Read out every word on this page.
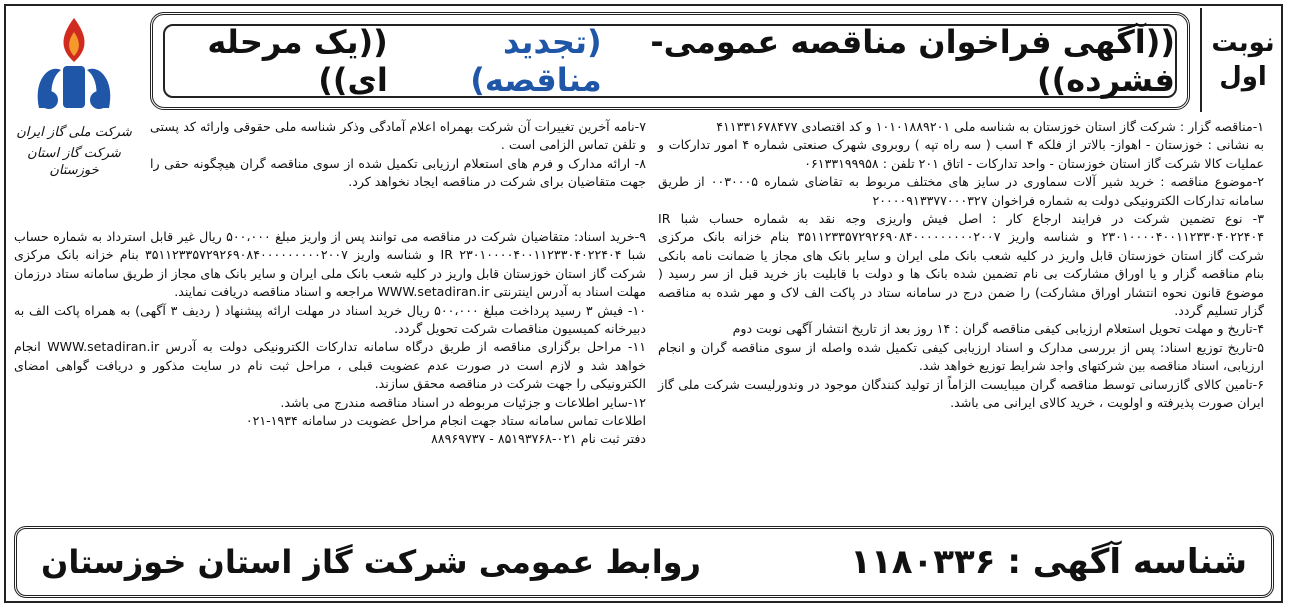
نوبت
اول
((آگهی فراخوان مناقصه عمومی-فشرده))
(تجدید مناقصه)
((یک مرحله ای))
شرکت ملی گاز ایران
شرکت گاز استان خوزستان

۱-مناقصه گزار : شرکت گاز استان خوزستان به شناسه ملی ۱۰۱۰۱۸۸۹۲۰۱ و کد اقتصادی ۴۱۱۳۳۱۶۷۸۴۷۷

به نشانی : خوزستان - اهواز- بالاتر از فلکه ۴ اسب ( سه راه تپه ) روبروی شهرک صنعتی شماره ۴ امور تدارکات و عملیات کالا شرکت گاز استان خوزستان - واحد تدارکات - اتاق ۲۰۱ تلفن : ۰۶۱۳۳۱۹۹۹۵۸

۲-موضوع مناقصه : خرید شیر آلات سماوری در سایز های مختلف مربوط به تقاضای شماره ۰۰۳۰۰۰۵ از طریق سامانه تدارکات الکترونیکی دولت به شماره فراخوان ۲۰۰۰۰۹۱۳۳۷۷۰۰۰۳۲۷

۳- نوع تضمین شرکت در فرایند ارجاع کار : اصل فیش واریزی وجه نقد به شماره حساب شبا IR ۲۳۰۱۰۰۰۰۴۰۰۱۱۲۳۳۰۴۰۲۲۴۰۴ و شناسه واریز ۳۵۱۱۲۳۳۵۷۲۹۲۶۹۰۸۴۰۰۰۰۰۰۰۰۰۲۰۰۷ بنام خزانه بانک مرکزی شرکت گاز استان خوزستان قابل واریز در کلیه شعب بانک ملی ایران و سایر بانک های مجاز یا ضمانت نامه بانکی بنام مناقصه گزار و یا اوراق مشارکت بی نام تضمین شده بانک ها و دولت با قابلیت باز خرید قبل از سر رسید ( موضوع قانون نحوه انتشار اوراق مشارکت) را ضمن درج در سامانه ستاد در پاکت الف لاک و مهر شده به مناقصه گزار تسلیم گردد.

۴-تاریخ و مهلت تحویل استعلام ارزیابی کیفی مناقصه گران : ۱۴ روز بعد از تاریخ انتشار آگهی نوبت دوم

۵-تاریخ توزیع اسناد: پس از بررسی مدارک و اسناد ارزیابی کیفی تکمیل شده واصله از سوی مناقصه گران و انجام ارزیابی، اسناد مناقصه بین شرکتهای واجد شرایط توزیع خواهد شد.

۶-تامین کالای گازرسانی توسط مناقصه گران میبایست الزاماً از تولید کنندگان موجود در وندورلیست شرکت ملی گاز ایران صورت پذیرفته و اولویت ، خرید کالای ایرانی می باشد.

۷-نامه آخرین تغییرات آن شرکت بهمراه اعلام آمادگی وذکر شناسه ملی حقوقی وارائه کد پستی و تلفن تماس الزامی است .

۸- ارائه مدارک و فرم های استعلام ارزیابی تکمیل شده از سوی مناقصه گران هیچگونه حقی را جهت متقاضیان برای شرکت در مناقصه ایجاد نخواهد کرد.

۹-خرید اسناد: متقاضیان شرکت در مناقصه می توانند پس از واریز مبلغ ۵۰۰،۰۰۰ ریال غیر قابل استرداد به شماره حساب شبا IR ۲۳۰۱۰۰۰۰۴۰۰۱۱۲۳۳۰۴۰۲۲۴۰۴ و شناسه واریز ۳۵۱۱۲۳۳۵۷۲۹۲۶۹۰۸۴۰۰۰۰۰۰۰۰۰۲۰۰۷ بنام خزانه بانک مرکزی شرکت گاز استان خوزستان قابل واریز در کلیه شعب بانک ملی ایران و سایر بانک های مجاز از طریق سامانه ستاد درزمان مهلت اسناد به آدرس اینترنتی WWW.setadiran.ir مراجعه و اسناد مناقصه دریافت نمایند.

۱۰- فیش ۳ رسید پرداخت مبلغ ۵۰۰،۰۰۰ ریال خرید اسناد در مهلت ارائه پیشنهاد ( ردیف ۳ آگهی) به همراه پاکت الف به دبیرخانه کمیسیون مناقصات شرکت تحویل گردد.

۱۱- مراحل برگزاری مناقصه از طریق درگاه سامانه تدارکات الکترونیکی دولت به آدرس WWW.setadiran.ir انجام خواهد شد و لازم است در صورت عدم عضویت قبلی ، مراحل ثبت نام در سایت مذکور و دریافت گواهی امضای الکترونیکی را جهت شرکت در مناقصه محقق سازند.

۱۲-سایر اطلاعات و جزئیات مربوطه در اسناد مناقصه مندرج می باشد.

اطلاعات تماس سامانه ستاد جهت انجام مراحل عضویت در سامانه ۱۹۳۴-۰۲۱

دفتر ثبت نام ۰۲۱-۸۵۱۹۳۷۶۸ - ۸۸۹۶۹۷۳۷

شناسه آگهی : ۱۱۸۰۳۳۶
روابط عمومی شرکت گاز استان خوزستان
